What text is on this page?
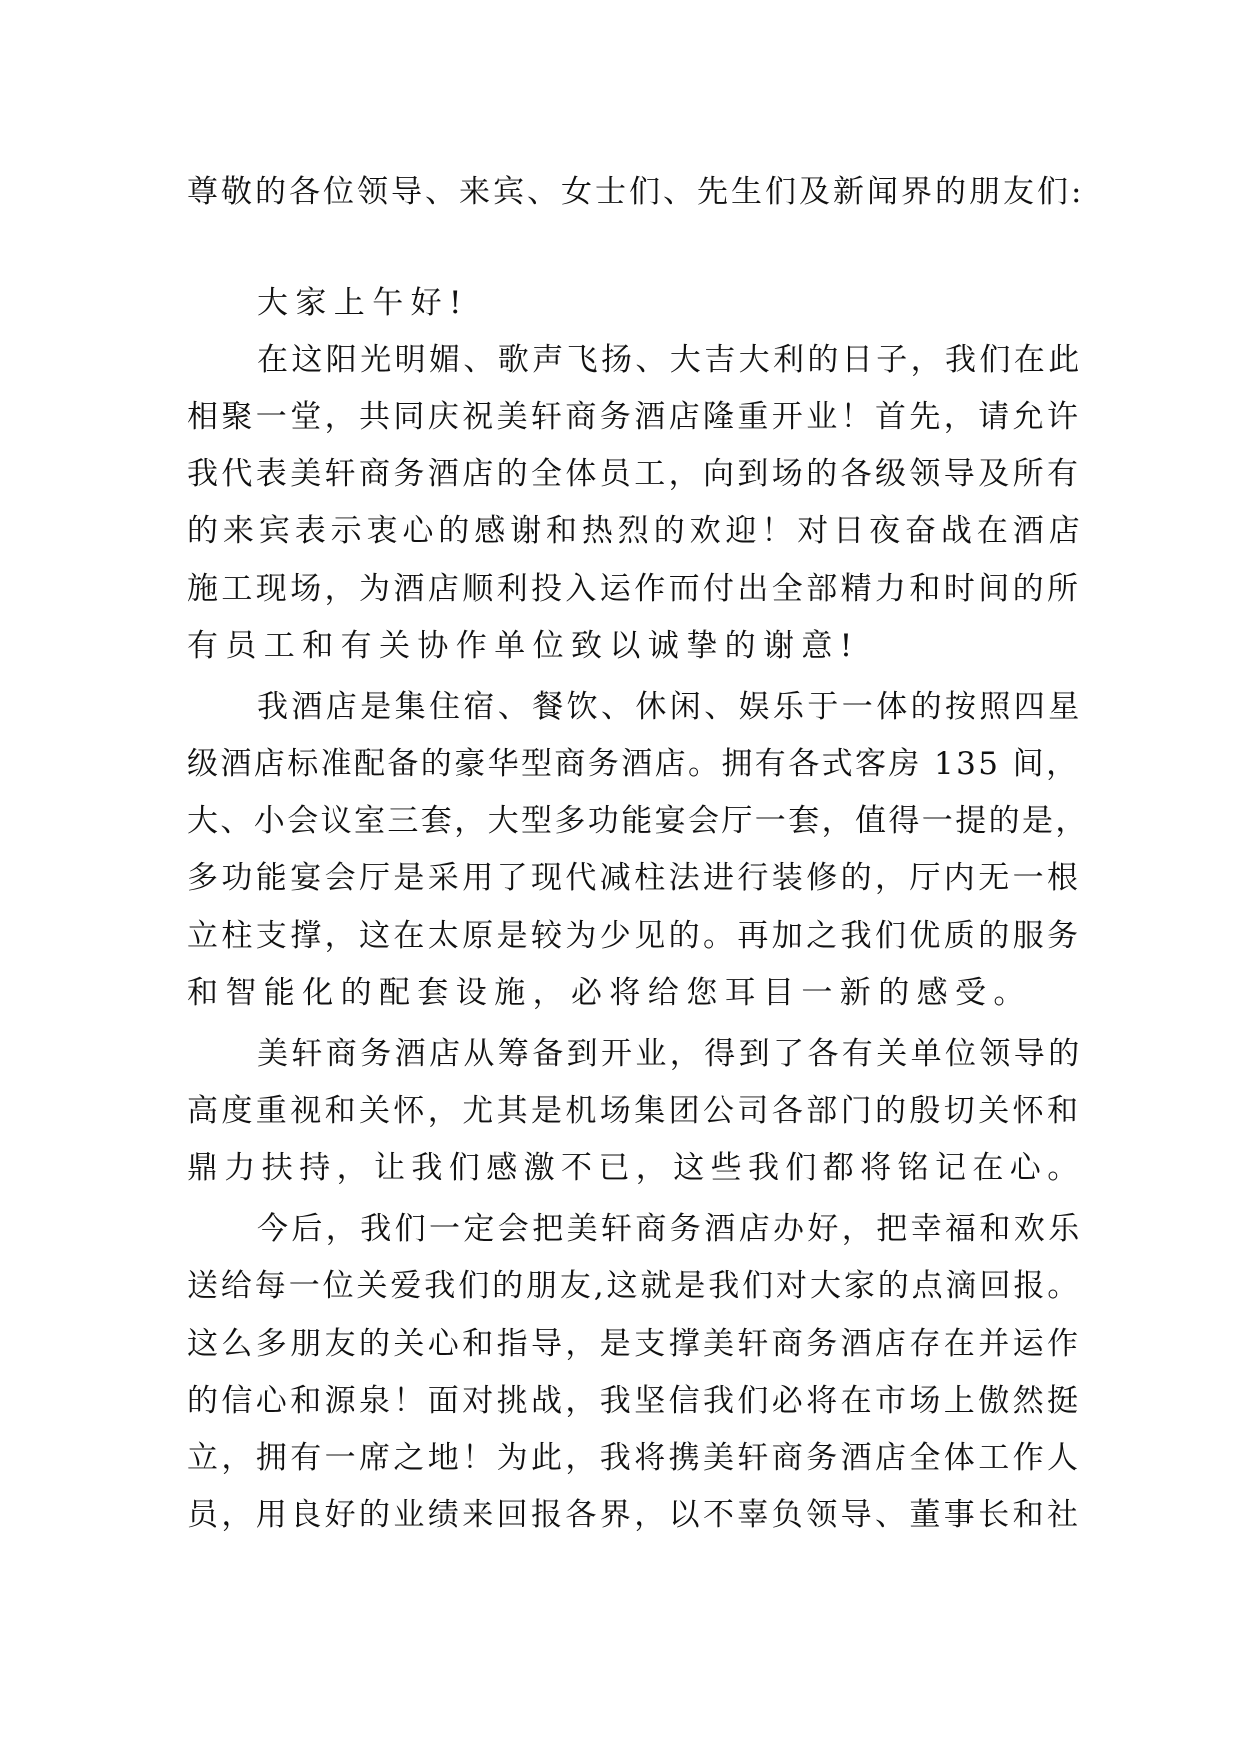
尊敬的各位领导、来宾、女士们、先生们及新闻界的朋友们:
大家上午好!
在这阳光明媚、歌声飞扬、大吉大利的日子，我们在此
相聚一堂，共同庆祝美轩商务酒店隆重开业！首先，请允许
我代表美轩商务酒店的全体员工，向到场的各级领导及所有
的来宾表示衷心的感谢和热烈的欢迎！对日夜奋战在酒店
施工现场，为酒店顺利投入运作而付出全部精力和时间的所
有员工和有关协作单位致以诚挚的谢意!
我酒店是集住宿、餐饮、休闲、娱乐于一体的按照四星
级酒店标准配备的豪华型商务酒店。拥有各式客房 135 间，
大、小会议室三套，大型多功能宴会厅一套，值得一提的是，
多功能宴会厅是采用了现代减柱法进行装修的，厅内无一根
立柱支撑，这在太原是较为少见的。再加之我们优质的服务
和智能化的配套设施，必将给您耳目一新的感受。
美轩商务酒店从筹备到开业，得到了各有关单位领导的
高度重视和关怀，尤其是机场集团公司各部门的殷切关怀和
鼎力扶持，让我们感激不已，这些我们都将铭记在心。
今后，我们一定会把美轩商务酒店办好，把幸福和欢乐
送给每一位关爱我们的朋友,这就是我们对大家的点滴回报。
这么多朋友的关心和指导，是支撑美轩商务酒店存在并运作
的信心和源泉！面对挑战，我坚信我们必将在市场上傲然挺
立，拥有一席之地！为此，我将携美轩商务酒店全体工作人
员，用良好的业绩来回报各界，以不辜负领导、董事长和社
